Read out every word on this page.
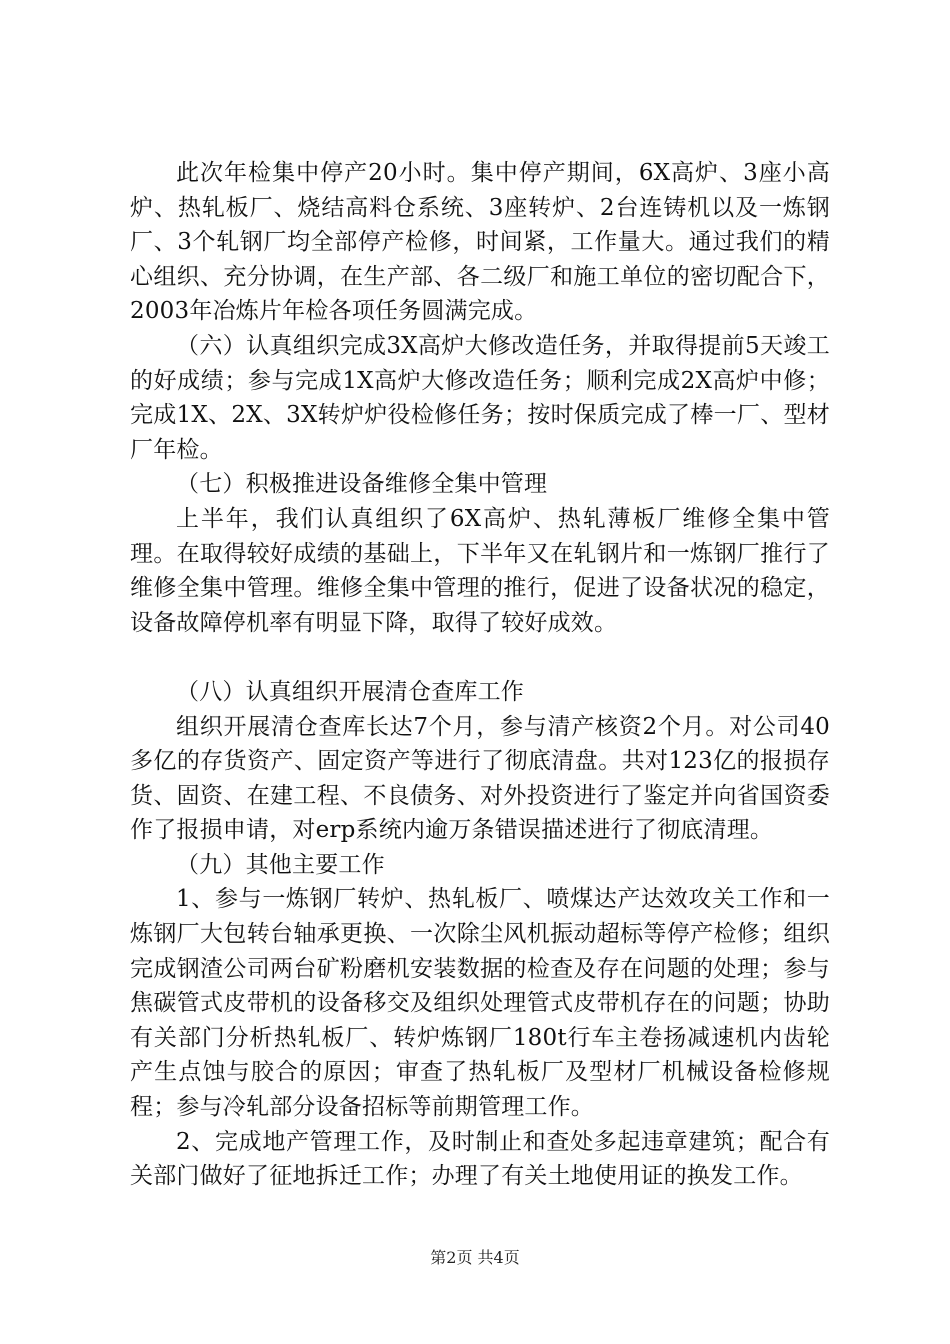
此次年检集中停产20小时。集中停产期间，6X高炉、3座小高炉、热轧板厂、烧结高料仓系统、3座转炉、2台连铸机以及一炼钢厂、3个轧钢厂均全部停产检修，时间紧，工作量大。通过我们的精心组织、充分协调，在生产部、各二级厂和施工单位的密切配合下，2003年冶炼片年检各项任务圆满完成。

（六）认真组织完成3X高炉大修改造任务，并取得提前5天竣工的好成绩；参与完成1X高炉大修改造任务；顺利完成2X高炉中修；完成1X、2X、3X转炉炉役检修任务；按时保质完成了棒一厂、型材厂年检。

（七）积极推进设备维修全集中管理

上半年，我们认真组织了6X高炉、热轧薄板厂维修全集中管理。在取得较好成绩的基础上，下半年又在轧钢片和一炼钢厂推行了维修全集中管理。维修全集中管理的推行，促进了设备状况的稳定，设备故障停机率有明显下降，取得了较好成效。

（八）认真组织开展清仓查库工作

组织开展清仓查库长达7个月，参与清产核资2个月。对公司40多亿的存货资产、固定资产等进行了彻底清盘。共对123亿的报损存货、固资、在建工程、不良债务、对外投资进行了鉴定并向省国资委作了报损申请，对erp系统内逾万条错误描述进行了彻底清理。

（九）其他主要工作

1、参与一炼钢厂转炉、热轧板厂、喷煤达产达效攻关工作和一炼钢厂大包转台轴承更换、一次除尘风机振动超标等停产检修；组织完成钢渣公司两台矿粉磨机安装数据的检查及存在问题的处理；参与焦碳管式皮带机的设备移交及组织处理管式皮带机存在的问题；协助有关部门分析热轧板厂、转炉炼钢厂180t行车主卷扬减速机内齿轮产生点蚀与胶合的原因；审查了热轧板厂及型材厂机械设备检修规程；参与冷轧部分设备招标等前期管理工作。

2、完成地产管理工作，及时制止和查处多起违章建筑；配合有关部门做好了征地拆迁工作；办理了有关土地使用证的换发工作。

第2页 共4页
